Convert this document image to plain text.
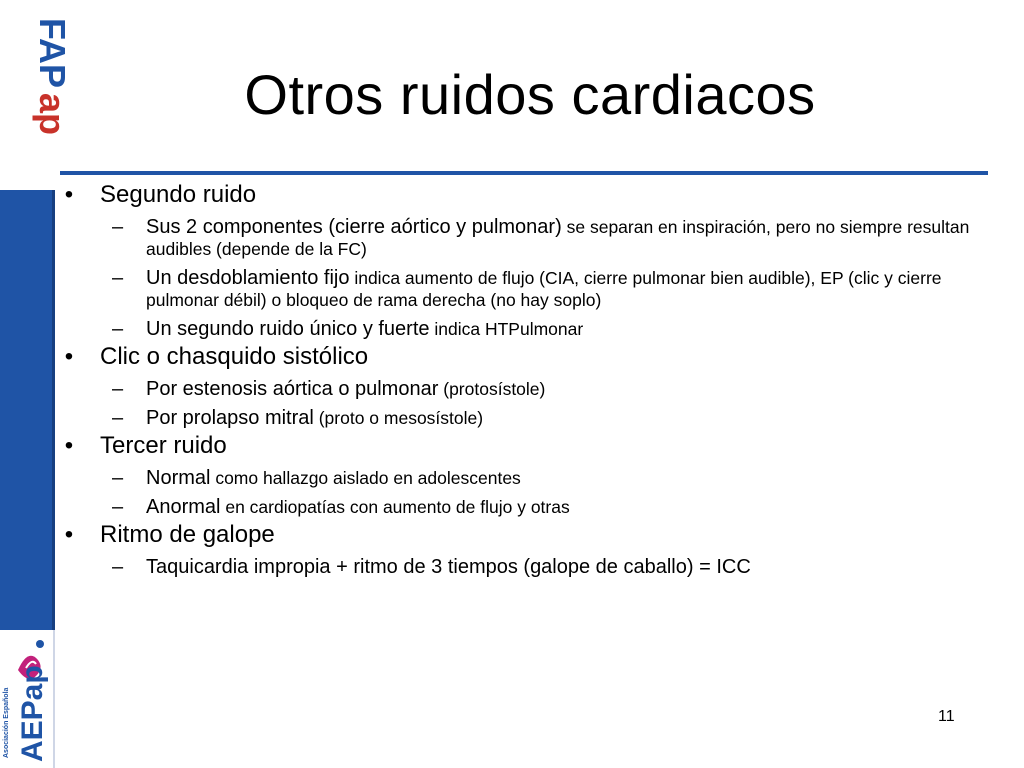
FAP
ap
Asociación Española AEPap
Otros ruidos cardiacos
• Segundo ruido
– Sus 2 componentes (cierre aórtico y pulmonar) se separan en inspiración, pero no siempre resultan audibles (depende de la FC)
– Un desdoblamiento fijo indica aumento de flujo (CIA, cierre pulmonar bien audible), EP (clic y cierre pulmonar débil) o bloqueo de rama derecha (no hay soplo)
– Un segundo ruido único y fuerte indica HTPulmonar
• Clic o chasquido sistólico
– Por estenosis aórtica o pulmonar (protosístole)
– Por prolapso mitral (proto o mesosístole)
• Tercer ruido
– Normal como hallazgo aislado en adolescentes
– Anormal en cardiopatías con aumento de flujo y otras
• Ritmo de galope
– Taquicardia impropia + ritmo de 3 tiempos (galope de caballo) = ICC
11
